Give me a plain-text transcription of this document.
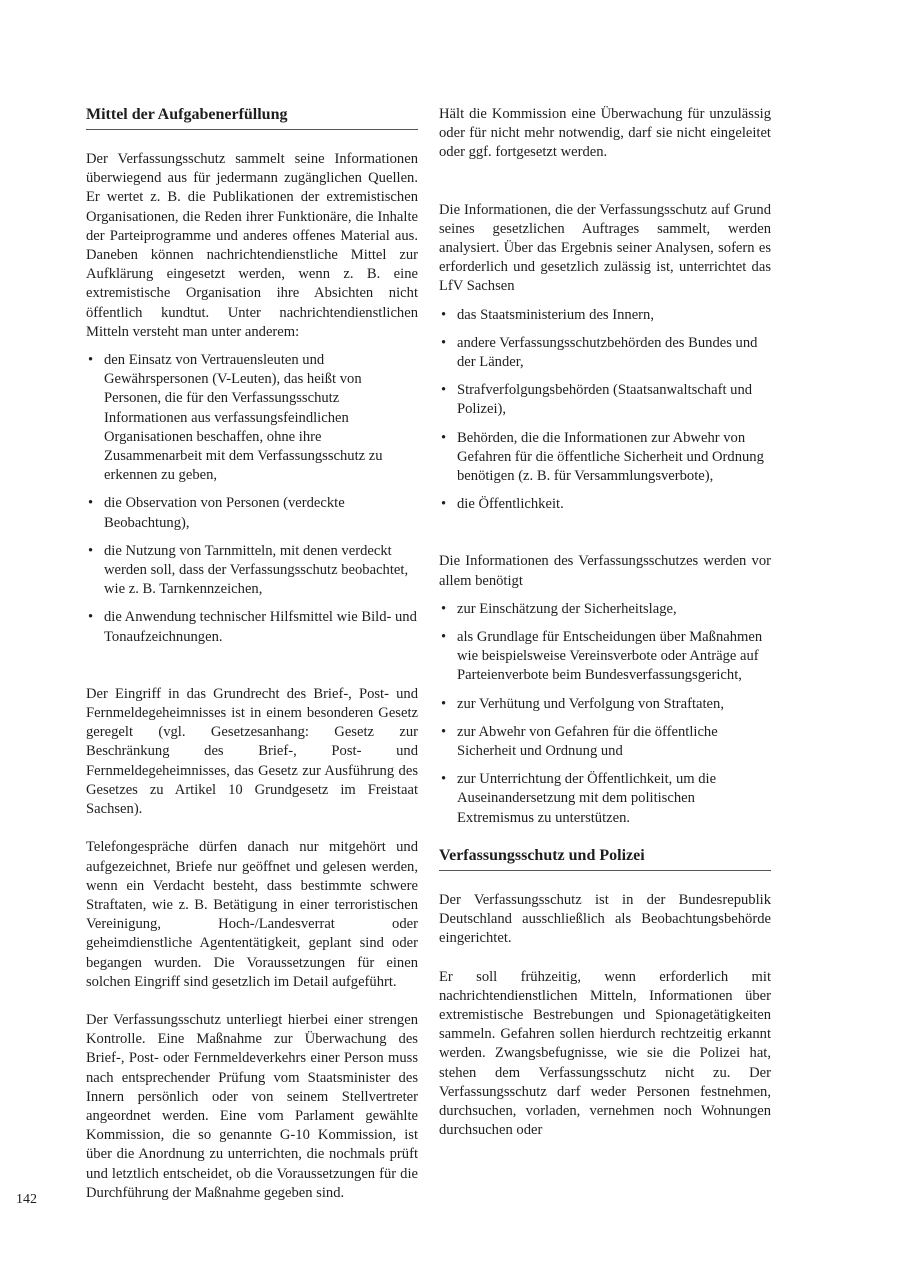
Mittel der Aufgabenerfüllung

Der Verfassungsschutz sammelt seine Informationen überwiegend aus für jedermann zugänglichen Quellen. Er wertet z. B. die Publikationen der extremistischen Organisationen, die Reden ihrer Funktionäre, die Inhalte der Parteiprogramme und anderes offenes Material aus. Daneben können nachrichtendienstliche Mittel zur Aufklärung eingesetzt werden, wenn z. B. eine extremistische Organisation ihre Absichten nicht öffentlich kundtut. Unter nachrichtendienstlichen Mitteln versteht man unter anderem:

• den Einsatz von Vertrauensleuten und Gewährspersonen (V-Leuten), das heißt von Personen, die für den Verfassungsschutz Informationen aus verfassungsfeindlichen Organisationen beschaffen, ohne ihre Zusammenarbeit mit dem Verfassungsschutz zu erkennen zu geben,
• die Observation von Personen (verdeckte Beobachtung),
• die Nutzung von Tarnmitteln, mit denen verdeckt werden soll, dass der Verfassungsschutz beobachtet, wie z. B. Tarnkennzeichen,
• die Anwendung technischer Hilfsmittel wie Bild- und Tonaufzeichnungen.

Der Eingriff in das Grundrecht des Brief-, Post- und Fernmeldegeheimnisses ist in einem besonderen Gesetz geregelt (vgl. Gesetzesanhang: Gesetz zur Beschränkung des Brief-, Post- und Fernmeldegeheimnisses, das Gesetz zur Ausführung des Gesetzes zu Artikel 10 Grundgesetz im Freistaat Sachsen).

Telefongespräche dürfen danach nur mitgehört und aufgezeichnet, Briefe nur geöffnet und gelesen werden, wenn ein Verdacht besteht, dass bestimmte schwere Straftaten, wie z. B. Betätigung in einer terroristischen Vereinigung, Hoch-/Landesverrat oder geheimdienstliche Agententätigkeit, geplant sind oder begangen wurden. Die Voraussetzungen für einen solchen Eingriff sind gesetzlich im Detail aufgeführt.

Der Verfassungsschutz unterliegt hierbei einer strengen Kontrolle. Eine Maßnahme zur Überwachung des Brief-, Post- oder Fernmeldeverkehrs einer Person muss nach entsprechender Prüfung vom Staatsminister des Innern persönlich oder von seinem Stellvertreter angeordnet werden. Eine vom Parlament gewählte Kommission, die so genannte G-10 Kommission, ist über die Anordnung zu unterrichten, die nochmals prüft und letztlich entscheidet, ob die Voraussetzungen für die Durchführung der Maßnahme gegeben sind.

Hält die Kommission eine Überwachung für unzulässig oder für nicht mehr notwendig, darf sie nicht eingeleitet oder ggf. fortgesetzt werden.

Die Informationen, die der Verfassungsschutz auf Grund seines gesetzlichen Auftrages sammelt, werden analysiert. Über das Ergebnis seiner Analysen, sofern es erforderlich und gesetzlich zulässig ist, unterrichtet das LfV Sachsen

• das Staatsministerium des Innern,
• andere Verfassungsschutzbehörden des Bundes und der Länder,
• Strafverfolgungsbehörden (Staatsanwaltschaft und Polizei),
• Behörden, die die Informationen zur Abwehr von Gefahren für die öffentliche Sicherheit und Ordnung benötigen (z. B. für Versammlungsverbote),
• die Öffentlichkeit.

Die Informationen des Verfassungsschutzes werden vor allem benötigt

• zur Einschätzung der Sicherheitslage,
• als Grundlage für Entscheidungen über Maßnahmen wie beispielsweise Vereinsverbote oder Anträge auf Parteienverbote beim Bundesverfassungsgericht,
• zur Verhütung und Verfolgung von Straftaten,
• zur Abwehr von Gefahren für die öffentliche Sicherheit und Ordnung und
• zur Unterrichtung der Öffentlichkeit, um die Auseinandersetzung mit dem politischen Extremismus zu unterstützen.
Verfassungsschutz und Polizei

Der Verfassungsschutz ist in der Bundesrepublik Deutschland ausschließlich als Beobachtungsbehörde eingerichtet.

Er soll frühzeitig, wenn erforderlich mit nachrichtendienstlichen Mitteln, Informationen über extremistische Bestrebungen und Spionagetätigkeiten sammeln. Gefahren sollen hierdurch rechtzeitig erkannt werden. Zwangsbefugnisse, wie sie die Polizei hat, stehen dem Verfassungsschutz nicht zu. Der Verfassungsschutz darf weder Personen festnehmen, durchsuchen, vorladen, vernehmen noch Wohnungen durchsuchen oder

142
